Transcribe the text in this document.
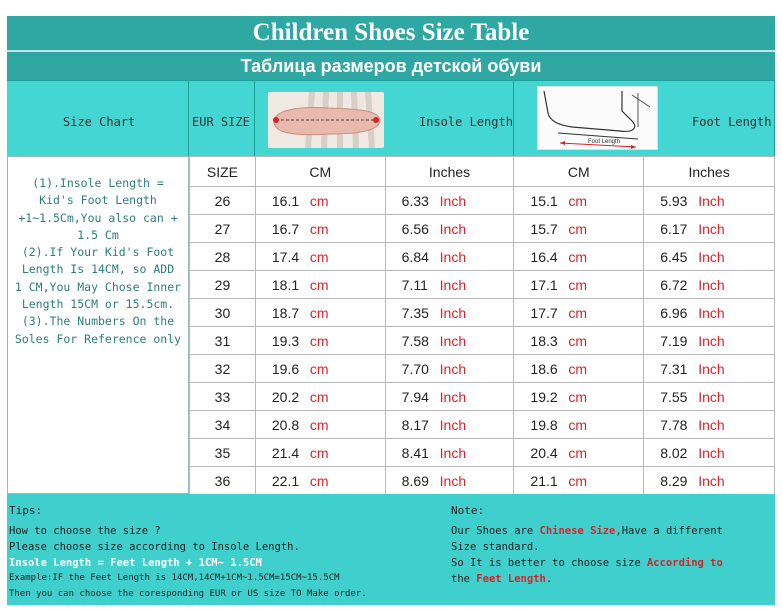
Children Shoes Size Table
Таблица размеров детской обуви
Size Chart	EUR SIZE	Insole Length	Foot Length
Foot Length
(1).Insole Length =
Kid's Foot Length
+1~1.5Cm,You also can +
1.5 Cm
(2).If Your Kid's Foot
Length Is 14CM, so ADD
1 CM,You May Chose Inner
Length 15CM or 15.5cm.
(3).The Numbers On the
Soles For Reference only
SIZE	CM	Inches	CM	Inches
26	16.1 cm	6.33 Inch	15.1 cm	5.93 Inch
27	16.7 cm	6.56 Inch	15.7 cm	6.17 Inch
28	17.4 cm	6.84 Inch	16.4 cm	6.45 Inch
29	18.1 cm	7.11 Inch	17.1 cm	6.72 Inch
30	18.7 cm	7.35 Inch	17.7 cm	6.96 Inch
31	19.3 cm	7.58 Inch	18.3 cm	7.19 Inch
32	19.6 cm	7.70 Inch	18.6 cm	7.31 Inch
33	20.2 cm	7.94 Inch	19.2 cm	7.55 Inch
34	20.8 cm	8.17 Inch	19.8 cm	7.78 Inch
35	21.4 cm	8.41 Inch	20.4 cm	8.02 Inch
36	22.1 cm	8.69 Inch	21.1 cm	8.29 Inch
Tips:
How to choose the size ?
Please choose size according to Insole Length.
Insole Length = Feet Length + 1CM~ 1.5CM
Example:IF the Feet Length is 14CM,14CM+1CM~1.5CM=15CM~15.5CM
Then you can choose the coresponding EUR or US size TO Make order.
Note:
Our Shoes are Chinese Size,Have a different
Size standard.
So It is better to choose size According to
the Feet Length.
